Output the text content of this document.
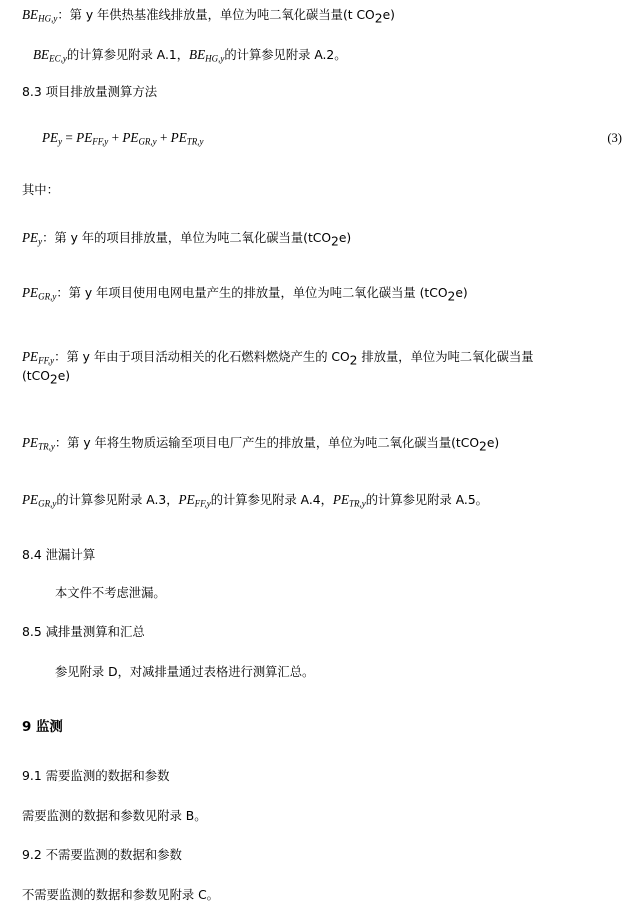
$BE_{HG,y}$：第 y 年供热基准线排放量，单位为吨二氧化碳当量(t $CO_2e$)
$BE_{EC,y}$的计算参见附录 A.1，$BE_{HG,y}$的计算参见附录 A.2。
8.3 项目排放量测算方法
$PE_y = PE_{FF,y} + PE_{GR,y} + PE_{TR,y}$	(3)
其中：
$PE_y$：第 y 年的项目排放量，单位为吨二氧化碳当量(tCO$_2$e)
$PE_{GR,y}$：第 y 年项目使用电网电量产生的排放量，单位为吨二氧化碳当量 (tCO$_2$e)
$PE_{FF,y}$：第 y 年由于项目活动相关的化石燃料燃烧产生的 $CO_2$ 排放量，单位为吨二氧化碳当量
(tCO$_2$e)
$PE_{TR,y}$：第 y 年将生物质运输至项目电厂产生的排放量，单位为吨二氧化碳当量(tCO$_2$e)
$PE_{GR,y}$的计算参见附录 A.3，$PE_{FF,y}$的计算参见附录 A.4，$PE_{TR,y}$的计算参见附录 A.5。
8.4 泄漏计算
本文件不考虑泄漏。
8.5 减排量测算和汇总
参见附录 D，对减排量通过表格进行测算汇总。
9 监测
9.1 需要监测的数据和参数
需要监测的数据和参数见附录 B。
9.2 不需要监测的数据和参数
不需要监测的数据和参数见附录 C。
